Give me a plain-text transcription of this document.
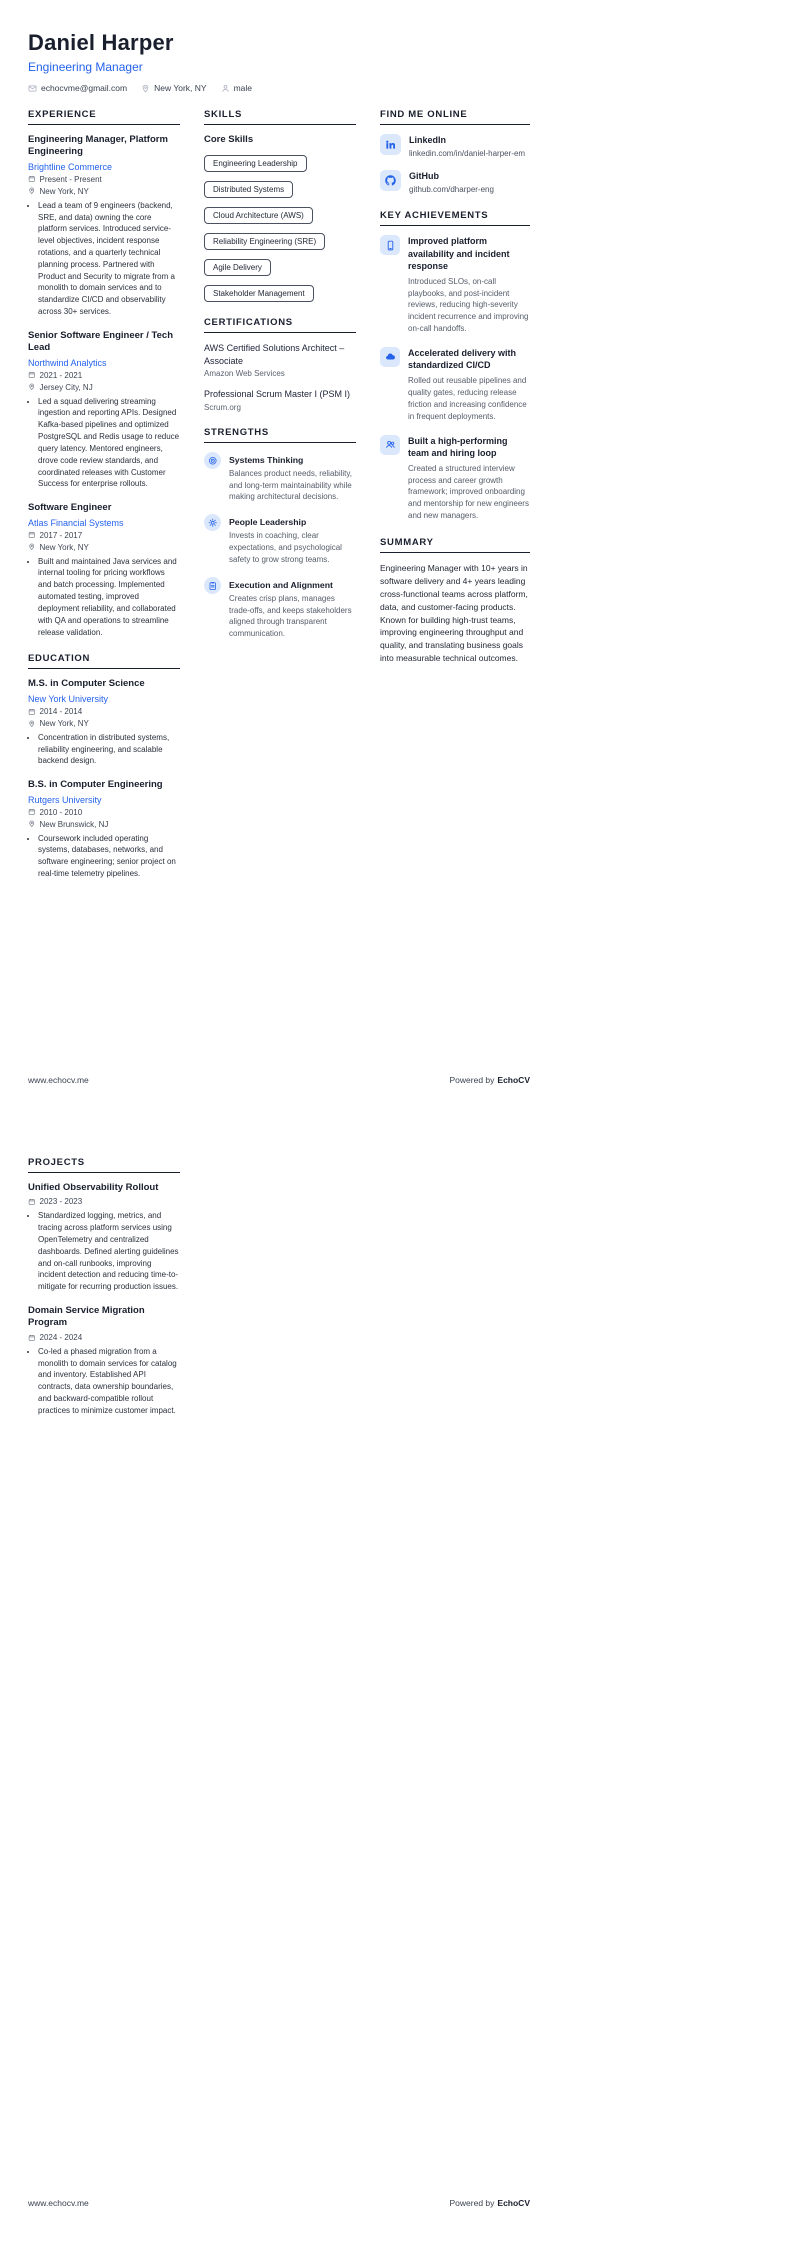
Daniel Harper
Engineering Manager
echocvme@gmail.com	New York, NY	male
EXPERIENCE
Engineering Manager, Platform Engineering
Brightline Commerce
Present - Present
New York, NY
• Lead a team of 9 engineers (backend, SRE, and data) owning the core platform services. Introduced service-level objectives, incident response rotations, and a quarterly technical planning process. Partnered with Product and Security to migrate from a monolith to domain services and to standardize CI/CD and observability across 30+ services.
Senior Software Engineer / Tech Lead
Northwind Analytics
2021 - 2021
Jersey City, NJ
• Led a squad delivering streaming ingestion and reporting APIs. Designed Kafka-based pipelines and optimized PostgreSQL and Redis usage to reduce query latency. Mentored engineers, drove code review standards, and coordinated releases with Customer Success for enterprise rollouts.
Software Engineer
Atlas Financial Systems
2017 - 2017
New York, NY
• Built and maintained Java services and internal tooling for pricing workflows and batch processing. Implemented automated testing, improved deployment reliability, and collaborated with QA and operations to streamline release validation.
EDUCATION
M.S. in Computer Science
New York University
2014 - 2014
New York, NY
• Concentration in distributed systems, reliability engineering, and scalable backend design.
B.S. in Computer Engineering
Rutgers University
2010 - 2010
New Brunswick, NJ
• Coursework included operating systems, databases, networks, and software engineering; senior project on real-time telemetry pipelines.
SKILLS
Core Skills
Engineering Leadership
Distributed Systems
Cloud Architecture (AWS)
Reliability Engineering (SRE)
Agile Delivery
Stakeholder Management
CERTIFICATIONS
AWS Certified Solutions Architect – Associate
Amazon Web Services
Professional Scrum Master I (PSM I)
Scrum.org
STRENGTHS
Systems Thinking
Balances product needs, reliability, and long-term maintainability while making architectural decisions.
People Leadership
Invests in coaching, clear expectations, and psychological safety to grow strong teams.
Execution and Alignment
Creates crisp plans, manages trade-offs, and keeps stakeholders aligned through transparent communication.
FIND ME ONLINE
LinkedIn
linkedin.com/in/daniel-harper-em
GitHub
github.com/dharper-eng
KEY ACHIEVEMENTS
Improved platform availability and incident response
Introduced SLOs, on-call playbooks, and post-incident reviews, reducing high-severity incident recurrence and improving on-call handoffs.
Accelerated delivery with standardized CI/CD
Rolled out reusable pipelines and quality gates, reducing release friction and increasing confidence in frequent deployments.
Built a high-performing team and hiring loop
Created a structured interview process and career growth framework; improved onboarding and mentorship for new engineers and new managers.
SUMMARY

Engineering Manager with 10+ years in software delivery and 4+ years leading cross-functional teams across platform, data, and customer-facing products. Known for building high-trust teams, improving engineering throughput and quality, and translating business goals into measurable technical outcomes.

www.echocv.me	Powered by EchoCV
PROJECTS
Unified Observability Rollout
2023 - 2023
• Standardized logging, metrics, and tracing across platform services using OpenTelemetry and centralized dashboards. Defined alerting guidelines and on-call runbooks, improving incident detection and reducing time-to-mitigate for recurring production issues.
Domain Service Migration Program
2024 - 2024
• Co-led a phased migration from a monolith to domain services for catalog and inventory. Established API contracts, data ownership boundaries, and backward-compatible rollout practices to minimize customer impact.
www.echocv.me	Powered by EchoCV
